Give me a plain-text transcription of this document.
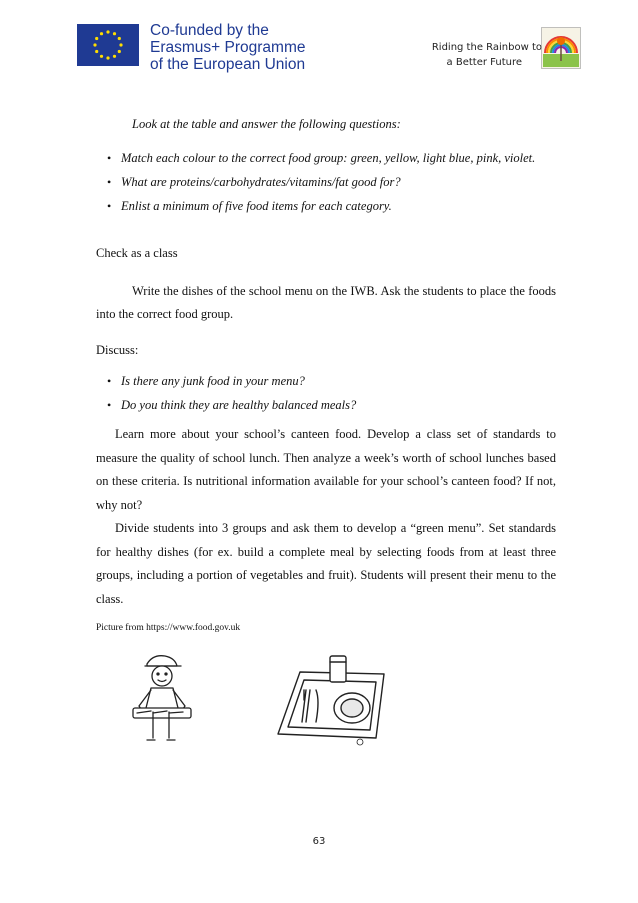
Co-funded by the
Erasmus+ Programme
of the European Union
Riding the Rainbow to
a Better Future

Look at the table and answer the following questions:

• Match each colour to the correct food group: green, yellow, light blue, pink, violet.
• What are proteins/carbohydrates/vitamins/fat good for?
• Enlist a minimum of five food items for each category.

Check as a class

Write the dishes of the school menu on the IWB. Ask the students to place the foods into the correct food group.

Discuss:

• Is there any junk food in your menu?
• Do you think they are healthy balanced meals?

Learn more about your school’s canteen food. Develop a class set of standards to measure the quality of school lunch. Then analyze a week’s worth of school lunches based on these criteria. Is nutritional information available for your school’s canteen food? If not, why not?

Divide students into 3 groups and ask them to develop a “green menu”. Set standards for healthy dishes (for ex. build a complete meal by selecting foods from at least three groups, including a portion of vegetables and fruit). Students will present their menu to the class.

Picture from https://www.food.gov.uk

63
